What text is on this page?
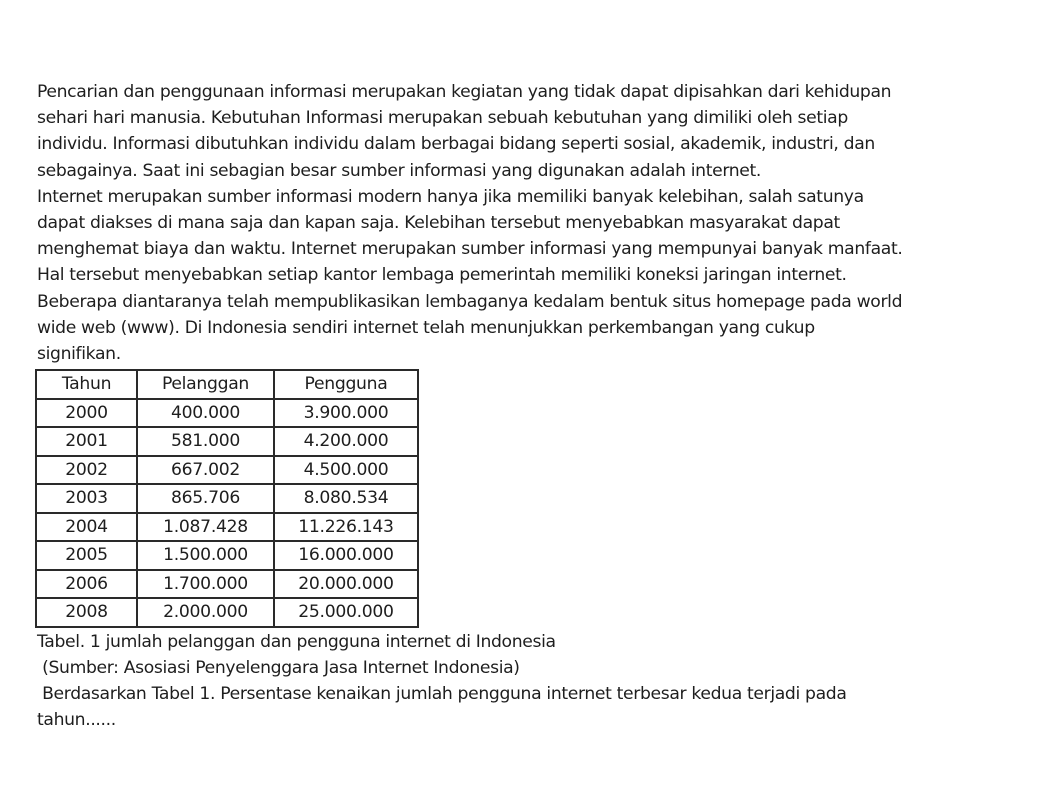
Pencarian dan penggunaan informasi merupakan kegiatan yang tidak dapat dipisahkan dari kehidupan
sehari hari manusia. Kebutuhan Informasi merupakan sebuah kebutuhan yang dimiliki oleh setiap
individu. Informasi dibutuhkan individu dalam berbagai bidang seperti sosial, akademik, industri, dan
sebagainya. Saat ini sebagian besar sumber informasi yang digunakan adalah internet.
Internet merupakan sumber informasi modern hanya jika memiliki banyak kelebihan, salah satunya
dapat diakses di mana saja dan kapan saja. Kelebihan tersebut menyebabkan masyarakat dapat
menghemat biaya dan waktu. Internet merupakan sumber informasi yang mempunyai banyak manfaat.
Hal tersebut menyebabkan setiap kantor lembaga pemerintah memiliki koneksi jaringan internet.
Beberapa diantaranya telah mempublikasikan lembaganya kedalam bentuk situs homepage pada world
wide web (www). Di Indonesia sendiri internet telah menunjukkan perkembangan yang cukup
signifikan.
Tahun	Pelanggan	Pengguna
2000	400.000	3.900.000
2001	581.000	4.200.000
2002	667.002	4.500.000
2003	865.706	8.080.534
2004	1.087.428	11.226.143
2005	1.500.000	16.000.000
2006	1.700.000	20.000.000
2008	2.000.000	25.000.000
Tabel. 1 jumlah pelanggan dan pengguna internet di Indonesia
(Sumber: Asosiasi Penyelenggara Jasa Internet Indonesia)
Berdasarkan Tabel 1. Persentase kenaikan jumlah pengguna internet terbesar kedua terjadi pada
tahun......
